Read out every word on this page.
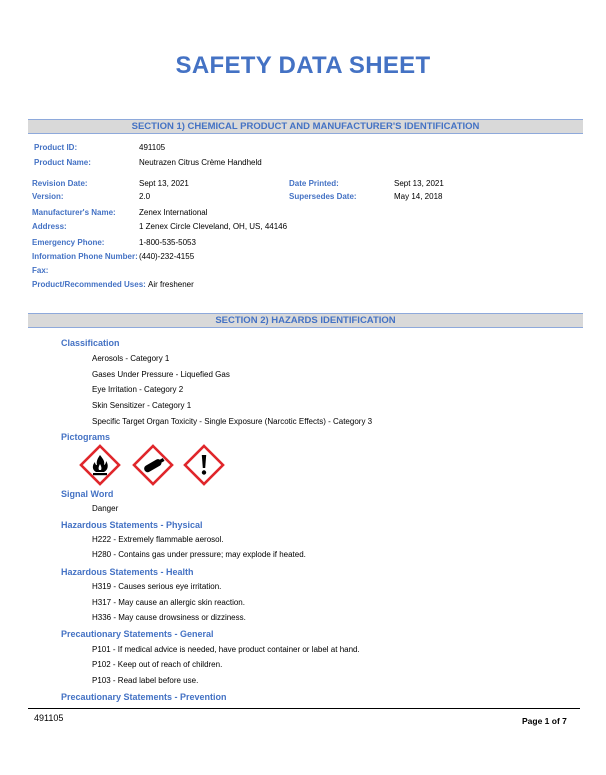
SAFETY DATA SHEET
SECTION 1) CHEMICAL PRODUCT AND MANUFACTURER'S IDENTIFICATION
Product ID:	491105
Product Name:	Neutrazen Citrus Crème Handheld
Revision Date:	Sept 13, 2021	Date Printed:	Sept 13, 2021
Version:	2.0	Supersedes Date:	May 14, 2018
Manufacturer's Name:	Zenex International
Address:	1 Zenex Circle Cleveland, OH, US, 44146
Emergency Phone:	1-800-535-5053
Information Phone Number: (440)-232-4155
Fax:
Product/Recommended Uses: Air freshener
SECTION 2) HAZARDS IDENTIFICATION
Classification
Aerosols - Category 1
Gases Under Pressure - Liquefied Gas
Eye Irritation - Category 2
Skin Sensitizer - Category 1
Specific Target Organ Toxicity - Single Exposure (Narcotic Effects) - Category 3
Pictograms
Signal Word
Danger
Hazardous Statements - Physical
H222 - Extremely flammable aerosol.
H280 - Contains gas under pressure; may explode if heated.
Hazardous Statements - Health
H319 - Causes serious eye irritation.
H317 - May cause an allergic skin reaction.
H336 - May cause drowsiness or dizziness.
Precautionary Statements - General
P101 - If medical advice is needed, have product container or label at hand.
P102 - Keep out of reach of children.
P103 - Read label before use.
Precautionary Statements - Prevention
491105	Page 1 of 7
